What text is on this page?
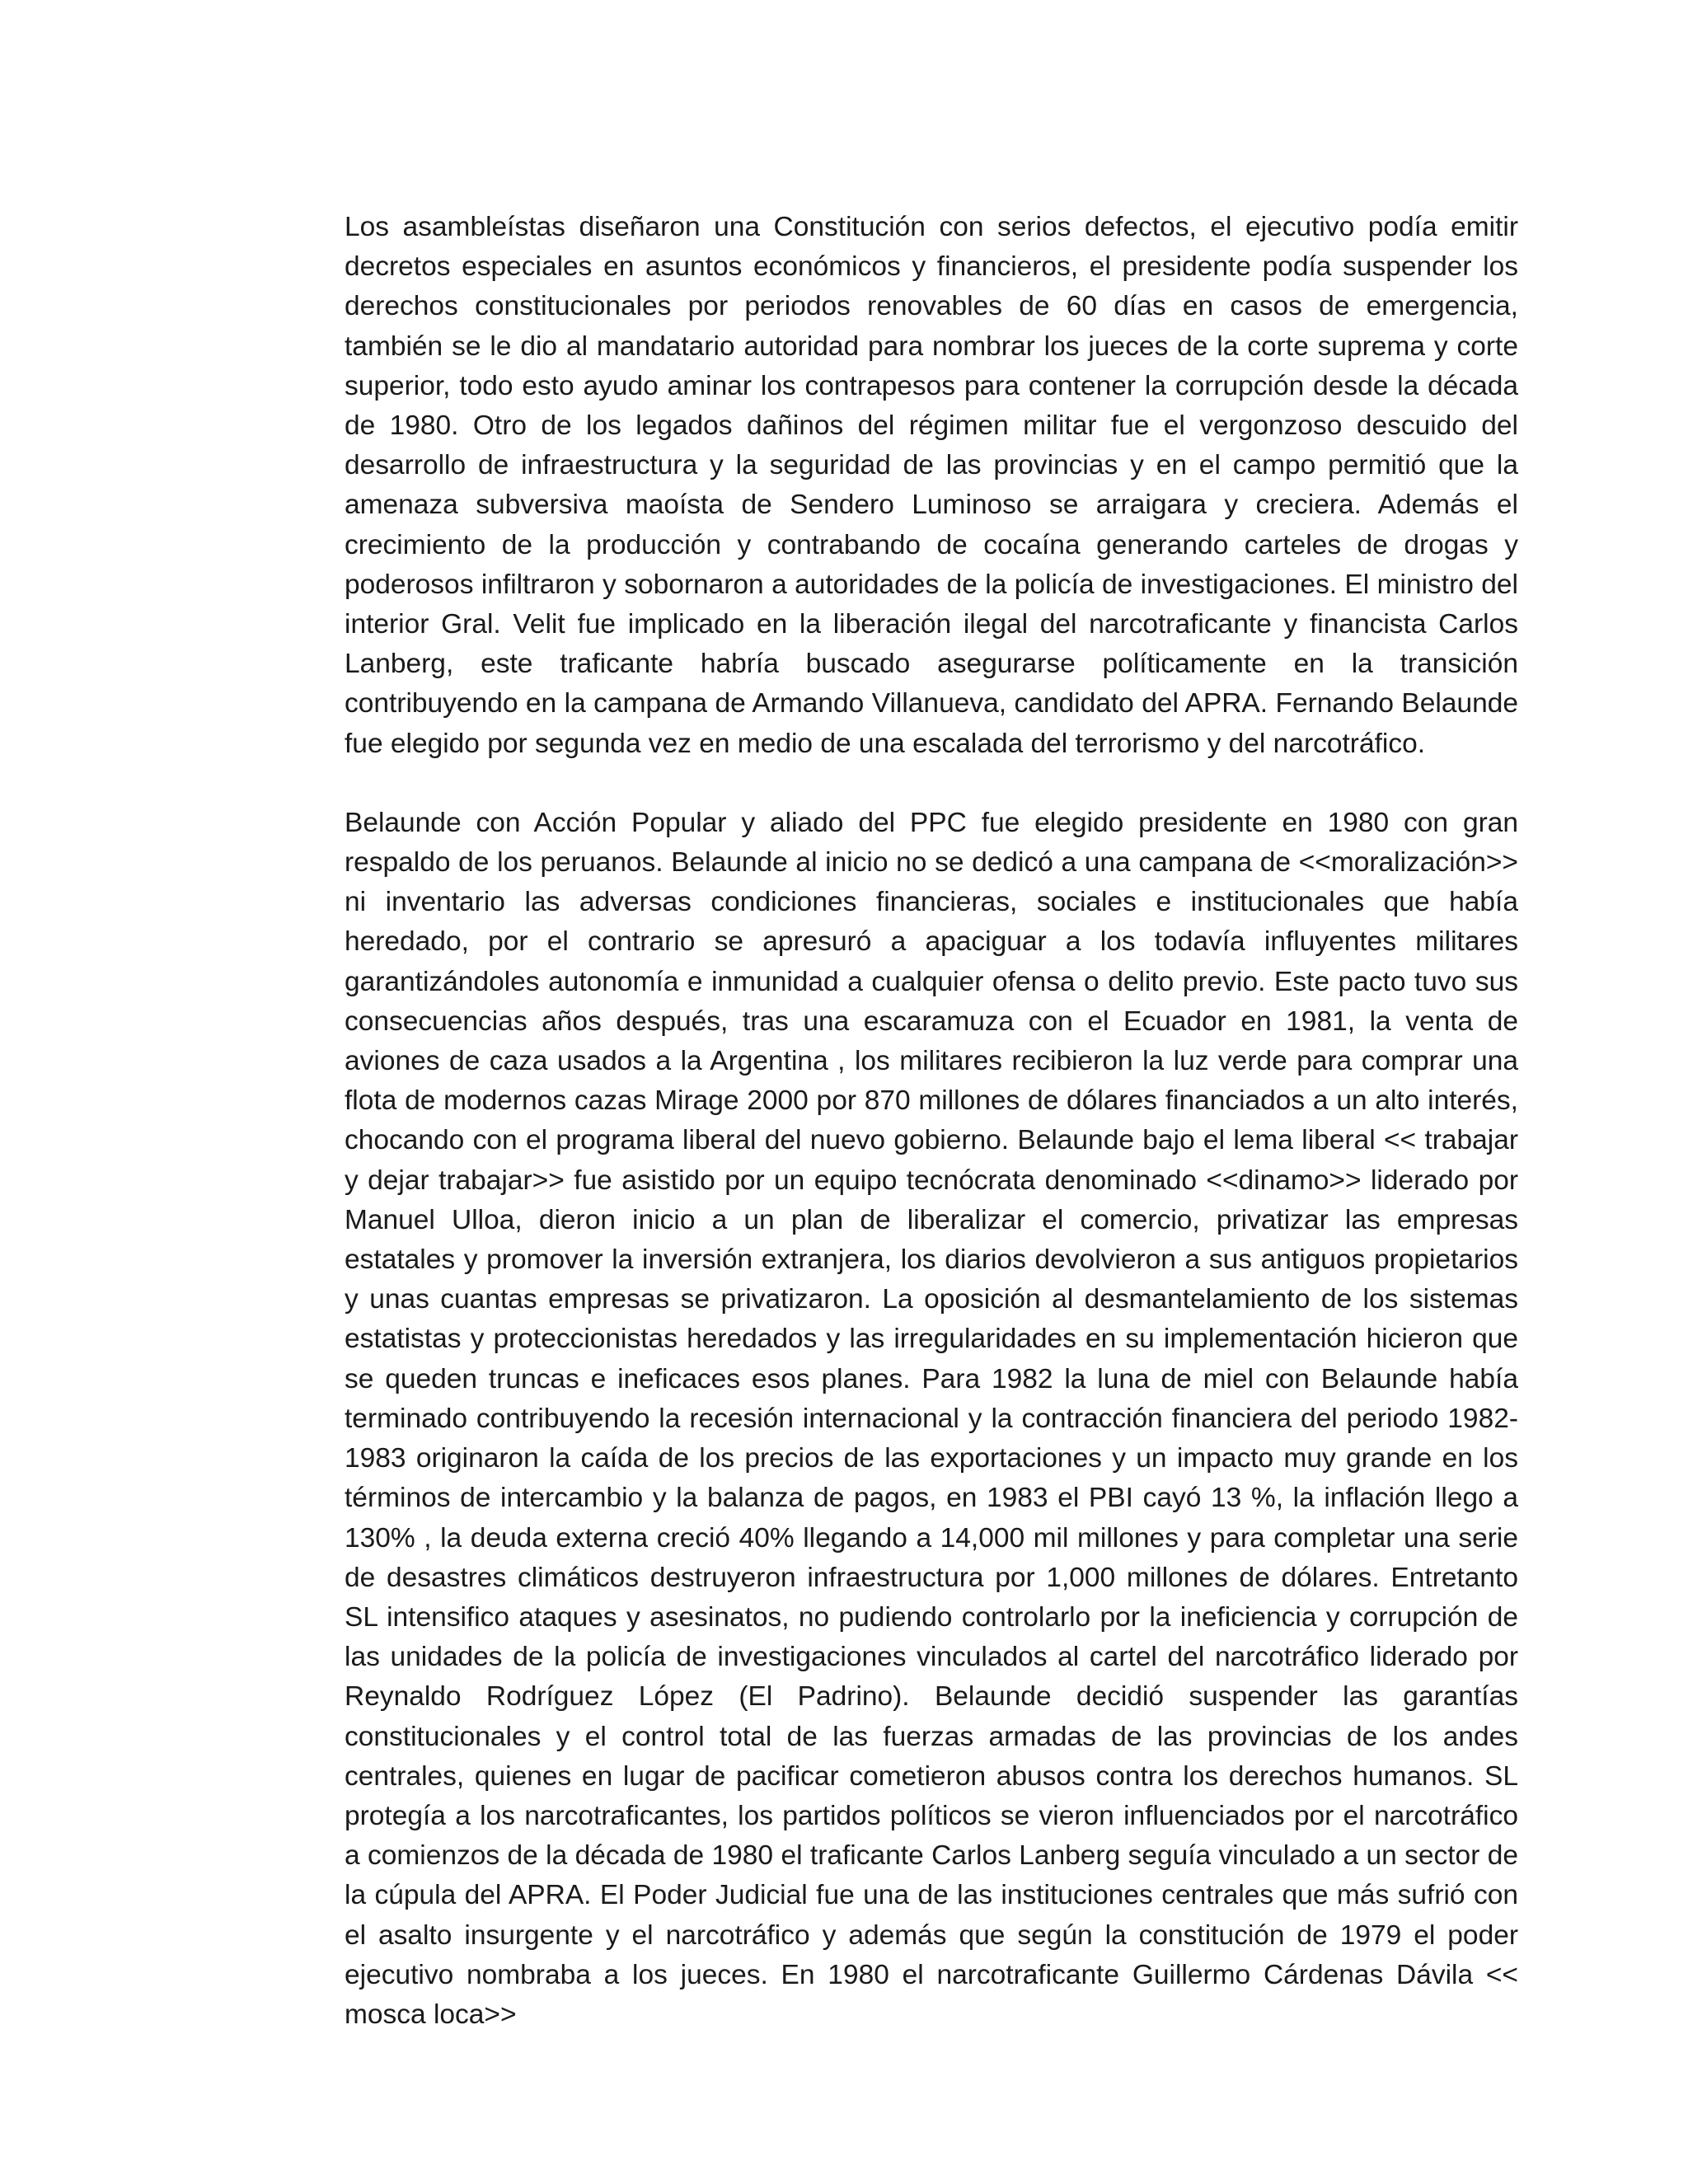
Los asambleístas diseñaron una Constitución con serios defectos, el ejecutivo podía emitir decretos especiales en asuntos económicos y financieros, el presidente podía suspender los derechos constitucionales por periodos renovables de 60 días en casos de emergencia, también se le dio al mandatario autoridad para nombrar los jueces de la corte suprema y corte superior, todo esto ayudo aminar los contrapesos para contener la corrupción desde la década de 1980. Otro de los legados dañinos del régimen militar fue el vergonzoso descuido del desarrollo de infraestructura y la seguridad de las provincias y en el campo permitió que la amenaza subversiva maoísta de Sendero Luminoso se arraigara y creciera. Además el crecimiento de la producción y contrabando de cocaína generando carteles de drogas y poderosos infiltraron y sobornaron a autoridades de la policía de investigaciones. El ministro del interior Gral. Velit fue implicado en la liberación ilegal del narcotraficante y financista Carlos Lanberg, este traficante habría buscado asegurarse políticamente en la transición contribuyendo en la campana de Armando Villanueva, candidato del APRA. Fernando Belaunde fue elegido por segunda vez en medio de una escalada del terrorismo y del narcotráfico.

Belaunde con Acción Popular y aliado del PPC fue elegido presidente en 1980 con gran respaldo de los peruanos. Belaunde al inicio no se dedicó a una campana de <<moralización>> ni inventario las adversas condiciones financieras, sociales e institucionales que había heredado, por el contrario se apresuró a apaciguar a los todavía influyentes militares garantizándoles autonomía e inmunidad a cualquier ofensa o delito previo. Este pacto tuvo sus consecuencias años después, tras una escaramuza con el Ecuador en 1981, la venta de aviones de caza usados a la Argentina , los militares recibieron la luz verde para comprar una flota de modernos cazas Mirage 2000 por 870 millones de dólares financiados a un alto interés, chocando con el programa liberal del nuevo gobierno. Belaunde bajo el lema liberal << trabajar y dejar trabajar>> fue asistido por un equipo tecnócrata denominado <<dinamo>> liderado por Manuel Ulloa, dieron inicio a un plan de liberalizar el comercio, privatizar las empresas estatales y promover la inversión extranjera, los diarios devolvieron a sus antiguos propietarios y unas cuantas empresas se privatizaron. La oposición al desmantelamiento de los sistemas estatistas y proteccionistas heredados y las irregularidades en su implementación hicieron que se queden truncas e ineficaces esos planes. Para 1982 la luna de miel con Belaunde había terminado contribuyendo la recesión internacional y la contracción financiera del periodo 1982-1983 originaron la caída de los precios de las exportaciones y un impacto muy grande en los términos de intercambio y la balanza de pagos, en 1983 el PBI cayó 13 %, la inflación llego a 130% , la deuda externa creció 40% llegando a 14,000 mil millones y para completar una serie de desastres climáticos destruyeron infraestructura por 1,000 millones de dólares. Entretanto SL intensifico ataques y asesinatos, no pudiendo controlarlo por la ineficiencia y corrupción de las unidades de la policía de investigaciones vinculados al cartel del narcotráfico liderado por Reynaldo Rodríguez López (El Padrino). Belaunde decidió suspender las garantías constitucionales y el control total de las fuerzas armadas de las provincias de los andes centrales, quienes en lugar de pacificar cometieron abusos contra los derechos humanos. SL protegía a los narcotraficantes, los partidos políticos se vieron influenciados por el narcotráfico a comienzos de la década de 1980 el traficante Carlos Lanberg seguía vinculado a un sector de la cúpula del APRA. El Poder Judicial fue una de las instituciones centrales que más sufrió con el asalto insurgente y el narcotráfico y además que según la constitución de 1979 el poder ejecutivo nombraba a los jueces. En 1980 el narcotraficante Guillermo Cárdenas Dávila << mosca loca>>
